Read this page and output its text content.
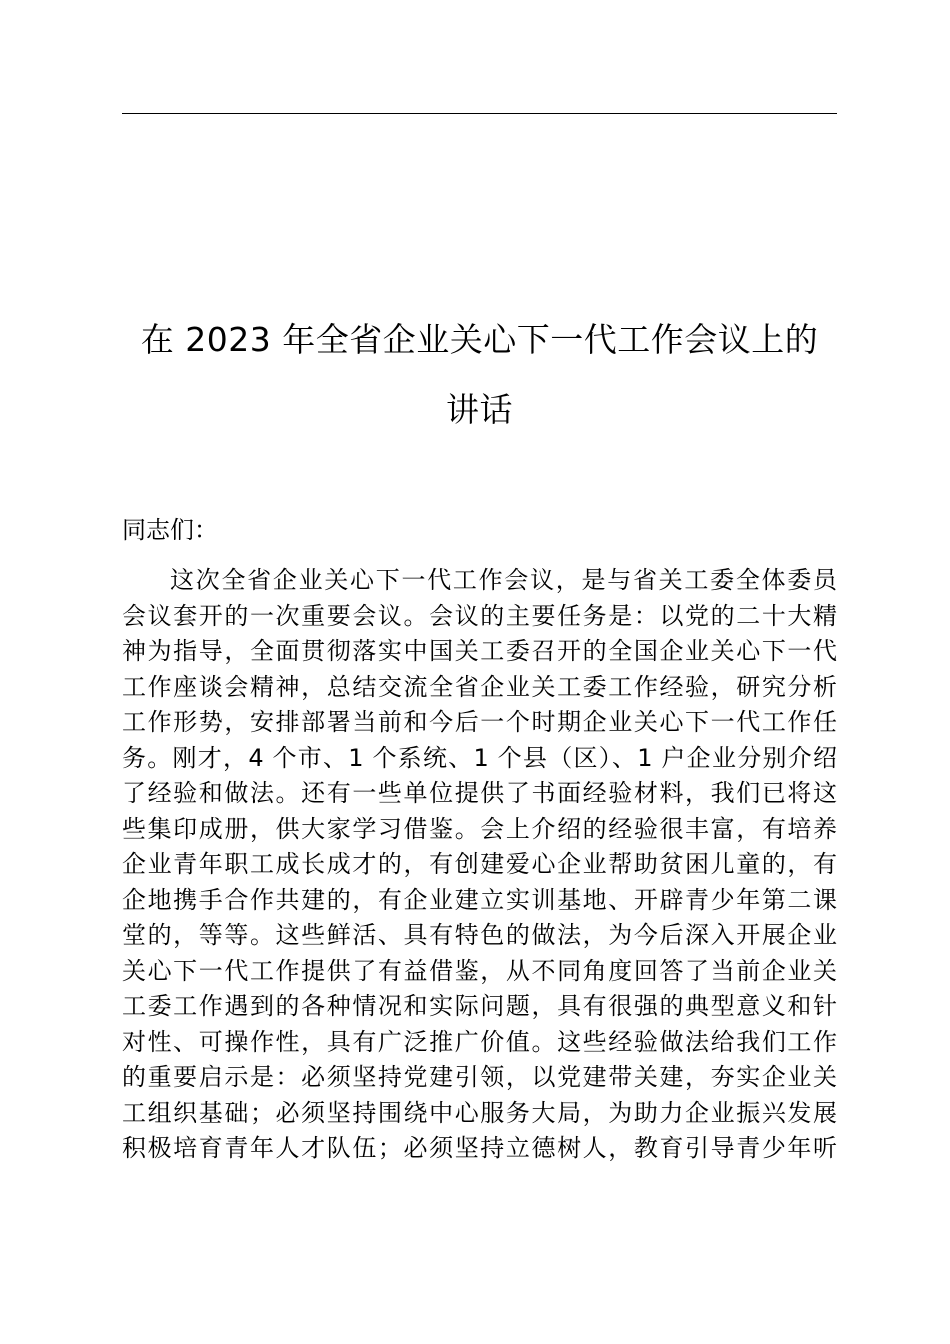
在 2023 年全省企业关心下一代工作会议上的
讲话
同志们：
这次全省企业关心下一代工作会议，是与省关工委全体委员
会议套开的一次重要会议。会议的主要任务是：以党的二十大精
神为指导，全面贯彻落实中国关工委召开的全国企业关心下一代
工作座谈会精神，总结交流全省企业关工委工作经验，研究分析
工作形势，安排部署当前和今后一个时期企业关心下一代工作任
务。刚才，4 个市、1 个系统、1 个县（区）、1 户企业分别介绍
了经验和做法。还有一些单位提供了书面经验材料，我们已将这
些集印成册，供大家学习借鉴。会上介绍的经验很丰富，有培养
企业青年职工成长成才的，有创建爱心企业帮助贫困儿童的，有
企地携手合作共建的，有企业建立实训基地、开辟青少年第二课
堂的，等等。这些鲜活、具有特色的做法，为今后深入开展企业
关心下一代工作提供了有益借鉴，从不同角度回答了当前企业关
工委工作遇到的各种情况和实际问题，具有很强的典型意义和针
对性、可操作性，具有广泛推广价值。这些经验做法给我们工作
的重要启示是：必须坚持党建引领，以党建带关建，夯实企业关
工组织基础；必须坚持围绕中心服务大局，为助力企业振兴发展
积极培育青年人才队伍；必须坚持立德树人，教育引导青少年听
